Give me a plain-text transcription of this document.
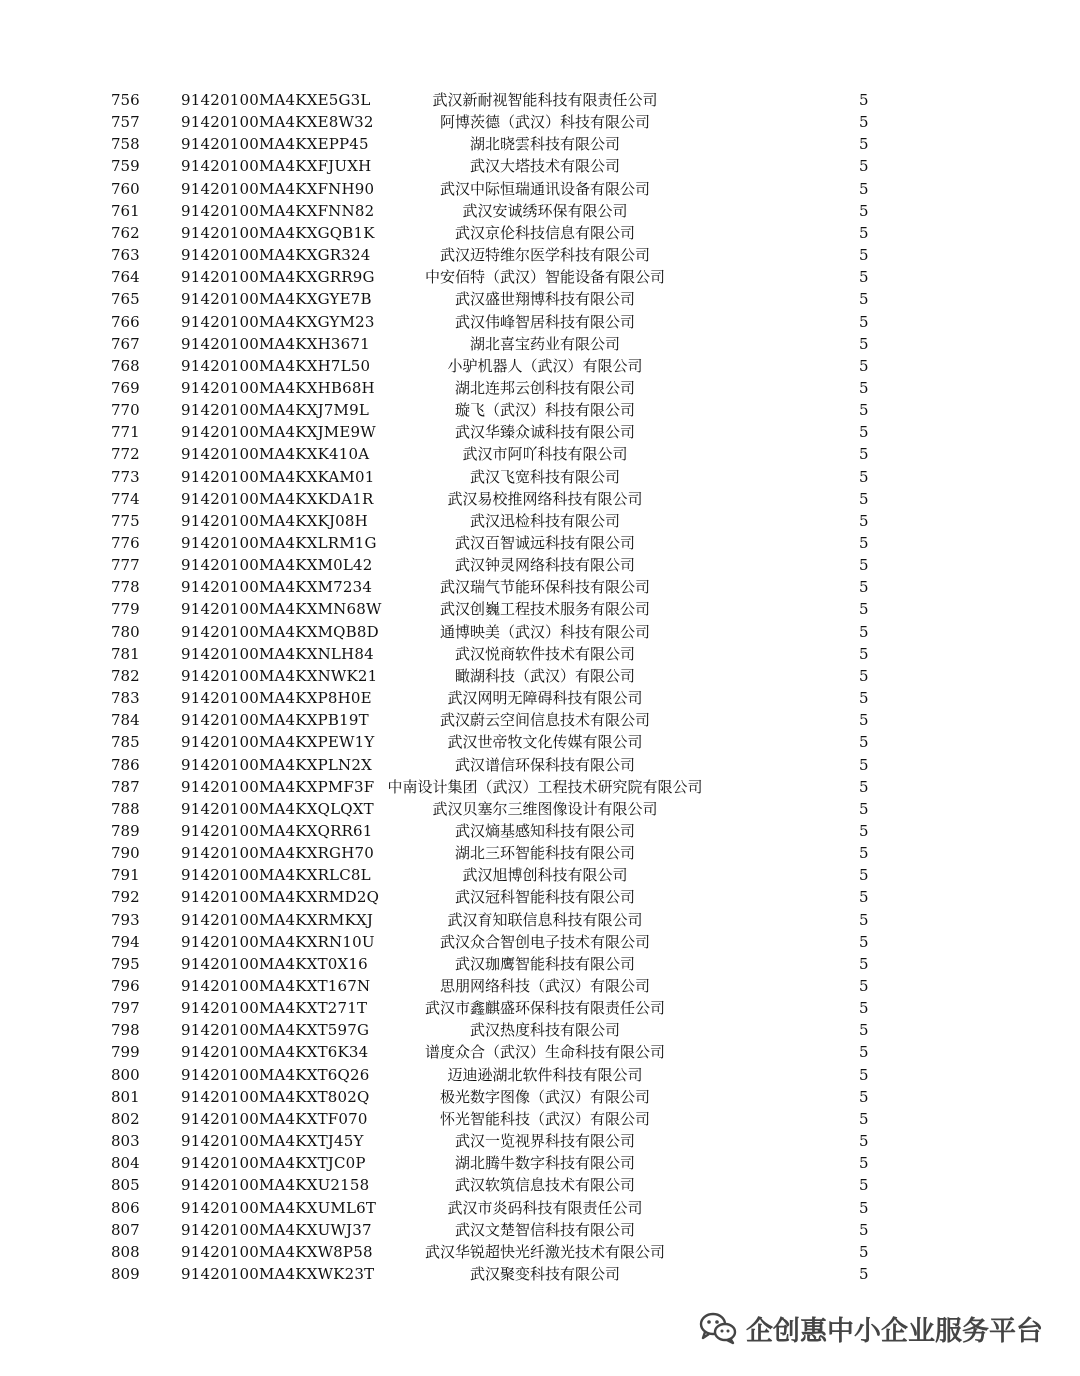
756	91420100MA4KXE5G3L	武汉新耐视智能科技有限责任公司	5
757	91420100MA4KXE8W32	阿博茨德（武汉）科技有限公司	5
758	91420100MA4KXEPP45	湖北晓雲科技有限公司	5
759	91420100MA4KXFJUXH	武汉大塔技术有限公司	5
760	91420100MA4KXFNH90	武汉中际恒瑞通讯设备有限公司	5
761	91420100MA4KXFNN82	武汉安诚绣环保有限公司	5
762	91420100MA4KXGQB1K	武汉京伦科技信息有限公司	5
763	91420100MA4KXGR324	武汉迈特维尔医学科技有限公司	5
764	91420100MA4KXGRR9G	中安佰特（武汉）智能设备有限公司	5
765	91420100MA4KXGYE7B	武汉盛世翔博科技有限公司	5
766	91420100MA4KXGYM23	武汉伟峰智居科技有限公司	5
767	91420100MA4KXH3671	湖北喜宝药业有限公司	5
768	91420100MA4KXH7L50	小驴机器人（武汉）有限公司	5
769	91420100MA4KXHB68H	湖北连邦云创科技有限公司	5
770	91420100MA4KXJ7M9L	璇飞（武汉）科技有限公司	5
771	91420100MA4KXJME9W	武汉华臻众诚科技有限公司	5
772	91420100MA4KXK410A	武汉市阿吖科技有限公司	5
773	91420100MA4KXKAM01	武汉飞宽科技有限公司	5
774	91420100MA4KXKDA1R	武汉易校推网络科技有限公司	5
775	91420100MA4KXKJ08H	武汉迅检科技有限公司	5
776	91420100MA4KXLRM1G	武汉百智诚远科技有限公司	5
777	91420100MA4KXM0L42	武汉钟灵网络科技有限公司	5
778	91420100MA4KXM7234	武汉瑞气节能环保科技有限公司	5
779	91420100MA4KXMN68W	武汉创巍工程技术服务有限公司	5
780	91420100MA4KXMQB8D	通博映美（武汉）科技有限公司	5
781	91420100MA4KXNLH84	武汉悦商软件技术有限公司	5
782	91420100MA4KXNWK21	瞰湖科技（武汉）有限公司	5
783	91420100MA4KXP8H0E	武汉网明无障碍科技有限公司	5
784	91420100MA4KXPB19T	武汉蔚云空间信息技术有限公司	5
785	91420100MA4KXPEW1Y	武汉世帝牧文化传媒有限公司	5
786	91420100MA4KXPLN2X	武汉谱信环保科技有限公司	5
787	91420100MA4KXPMF3F 中南设计集团（武汉）工程技术研究院有限公司	5
788	91420100MA4KXQLQXT	武汉贝塞尔三维图像设计有限公司	5
789	91420100MA4KXQRR61	武汉熵基感知科技有限公司	5
790	91420100MA4KXRGH70	湖北三环智能科技有限公司	5
791	91420100MA4KXRLC8L	武汉旭博创科技有限公司	5
792	91420100MA4KXRMD2Q	武汉冠科智能科技有限公司	5
793	91420100MA4KXRMKXJ	武汉育知联信息科技有限公司	5
794	91420100MA4KXRN10U	武汉众合智创电子技术有限公司	5
795	91420100MA4KXT0X16	武汉珈鹰智能科技有限公司	5
796	91420100MA4KXT167N	思朋网络科技（武汉）有限公司	5
797	91420100MA4KXT271T	武汉市鑫麒盛环保科技有限责任公司	5
798	91420100MA4KXT597G	武汉热度科技有限公司	5
799	91420100MA4KXT6K34	谱度众合（武汉）生命科技有限公司	5
800	91420100MA4KXT6Q26	迈迪逊湖北软件科技有限公司	5
801	91420100MA4KXT802Q	极光数字图像（武汉）有限公司	5
802	91420100MA4KXTF070	怀光智能科技（武汉）有限公司	5
803	91420100MA4KXTJ45Y	武汉一览视界科技有限公司	5
804	91420100MA4KXTJC0P	湖北腾牛数字科技有限公司	5
805	91420100MA4KXU2158	武汉软筑信息技术有限公司	5
806	91420100MA4KXUML6T	武汉市炎码科技有限责任公司	5
807	91420100MA4KXUWJ37	武汉文楚智信科技有限公司	5
808	91420100MA4KXW8P58	武汉华锐超快光纤激光技术有限公司	5
809	91420100MA4KXWK23T	武汉聚变科技有限公司	5
企创惠中小企业服务平台
